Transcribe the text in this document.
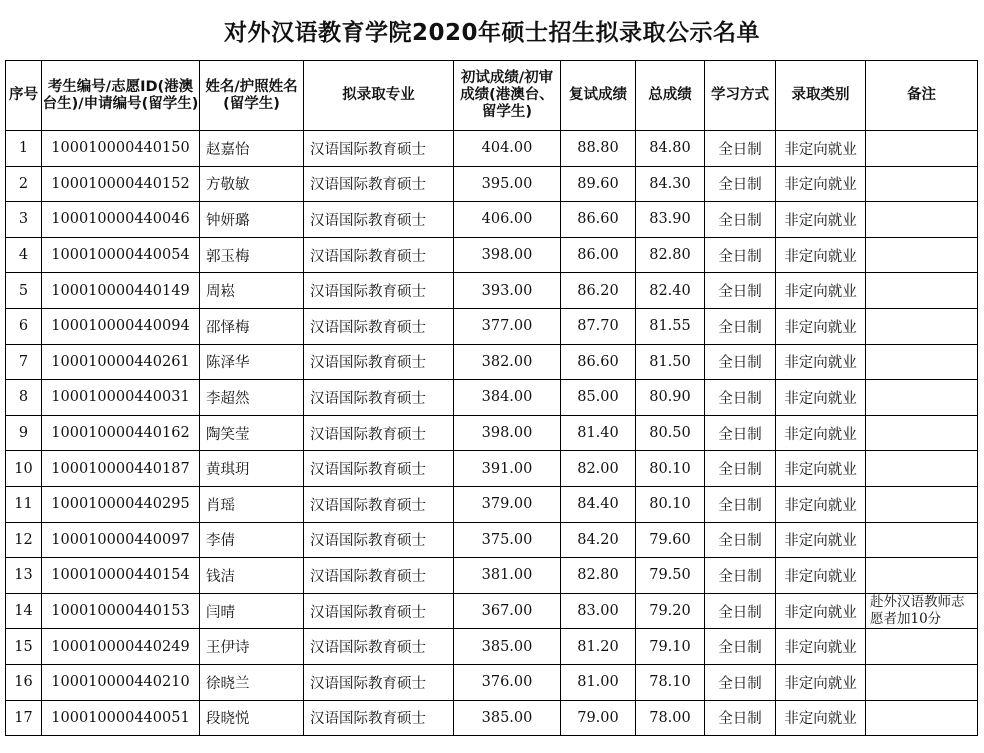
对外汉语教育学院2020年硕士招生拟录取公示名单
序号	考生编号/志愿ID(港澳台生)/申请编号(留学生)	姓名/护照姓名(留学生)	拟录取专业	初试成绩/初审成绩(港澳台、留学生)	复试成绩	总成绩	学习方式	录取类别	备注
1	100010000440150	赵嘉怡	汉语国际教育硕士	404.00	88.80	84.80	全日制	非定向就业	
2	100010000440152	方敬敏	汉语国际教育硕士	395.00	89.60	84.30	全日制	非定向就业	
3	100010000440046	钟妍璐	汉语国际教育硕士	406.00	86.60	83.90	全日制	非定向就业	
4	100010000440054	郭玉梅	汉语国际教育硕士	398.00	86.00	82.80	全日制	非定向就业	
5	100010000440149	周崧	汉语国际教育硕士	393.00	86.20	82.40	全日制	非定向就业	
6	100010000440094	邵怿梅	汉语国际教育硕士	377.00	87.70	81.55	全日制	非定向就业	
7	100010000440261	陈泽华	汉语国际教育硕士	382.00	86.60	81.50	全日制	非定向就业	
8	100010000440031	李超然	汉语国际教育硕士	384.00	85.00	80.90	全日制	非定向就业	
9	100010000440162	陶笑莹	汉语国际教育硕士	398.00	81.40	80.50	全日制	非定向就业	
10	100010000440187	黄琪玥	汉语国际教育硕士	391.00	82.00	80.10	全日制	非定向就业	
11	100010000440295	肖瑶	汉语国际教育硕士	379.00	84.40	80.10	全日制	非定向就业	
12	100010000440097	李倩	汉语国际教育硕士	375.00	84.20	79.60	全日制	非定向就业	
13	100010000440154	钱洁	汉语国际教育硕士	381.00	82.80	79.50	全日制	非定向就业	
14	100010000440153	闫晴	汉语国际教育硕士	367.00	83.00	79.20	全日制	非定向就业	赴外汉语教师志愿者加10分
15	100010000440249	王伊诗	汉语国际教育硕士	385.00	81.20	79.10	全日制	非定向就业	
16	100010000440210	徐晓兰	汉语国际教育硕士	376.00	81.00	78.10	全日制	非定向就业	
17	100010000440051	段晓悦	汉语国际教育硕士	385.00	79.00	78.00	全日制	非定向就业	
